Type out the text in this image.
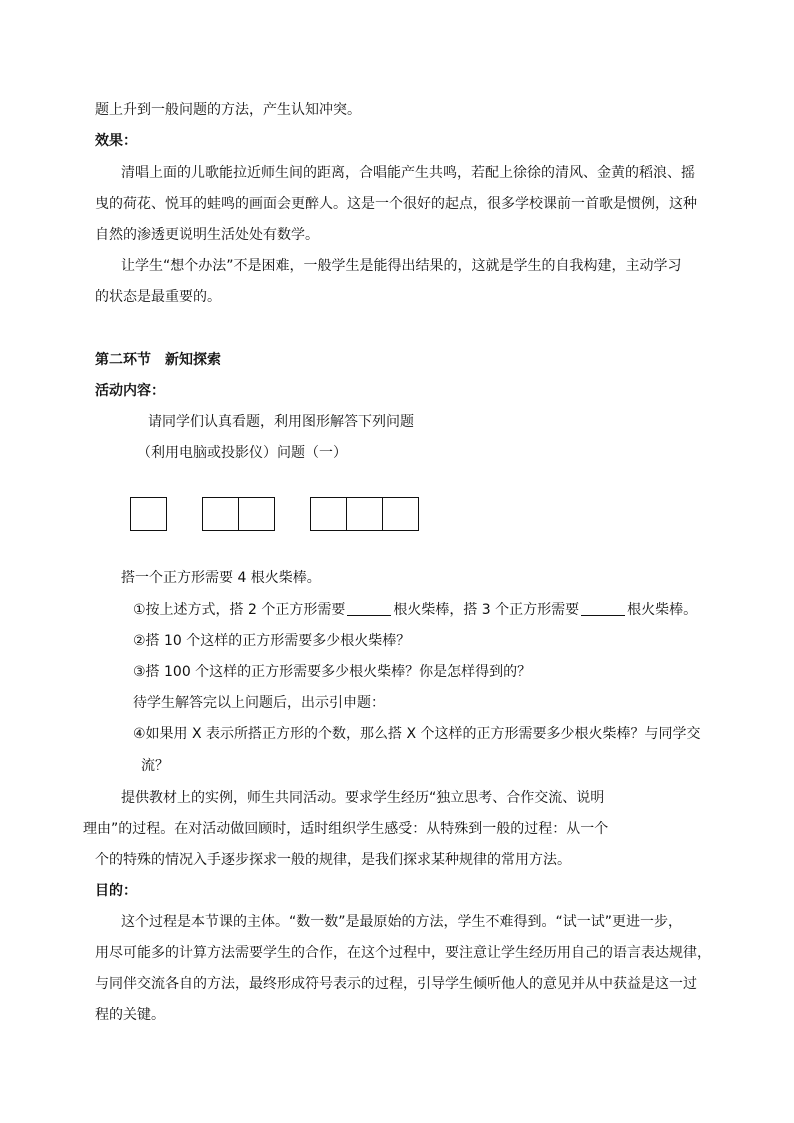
题上升到一般问题的方法，产生认知冲突。
效果：
清唱上面的儿歌能拉近师生间的距离，合唱能产生共鸣，若配上徐徐的清风、金黄的稻浪、摇
曳的荷花、悦耳的蛙鸣的画面会更醉人。这是一个很好的起点，很多学校课前一首歌是惯例，这种
自然的渗透更说明生活处处有数学。
让学生“想个办法”不是困难，一般学生是能得出结果的，这就是学生的自我构建，主动学习
的状态是最重要的。
第二环节　新知探索
活动内容：
请同学们认真看题，利用图形解答下列问题
（利用电脑或投影仪）问题（一）
搭一个正方形需要 4 根火柴棒。
①按上述方式，搭 2 个正方形需要	根火柴棒，搭 3 个正方形需要	根火柴棒。
②搭 10 个这样的正方形需要多少根火柴棒？
③搭 100 个这样的正方形需要多少根火柴棒？你是怎样得到的？
待学生解答完以上问题后，出示引申题：
④如果用 X 表示所搭正方形的个数，那么搭 X 个这样的正方形需要多少根火柴棒？与同学交
流？
提供教材上的实例，师生共同活动。要求学生经历“独立思考、合作交流、说明
理由”的过程。在对活动做回顾时，适时组织学生感受：从特殊到一般的过程：从一个
个的特殊的情况入手逐步探求一般的规律，是我们探求某种规律的常用方法。
目的：
这个过程是本节课的主体。“数一数”是最原始的方法，学生不难得到。“试一试”更进一步，
用尽可能多的计算方法需要学生的合作，在这个过程中，要注意让学生经历用自己的语言表达规律，
与同伴交流各自的方法，最终形成符号表示的过程，引导学生倾听他人的意见并从中获益是这一过
程的关键。
